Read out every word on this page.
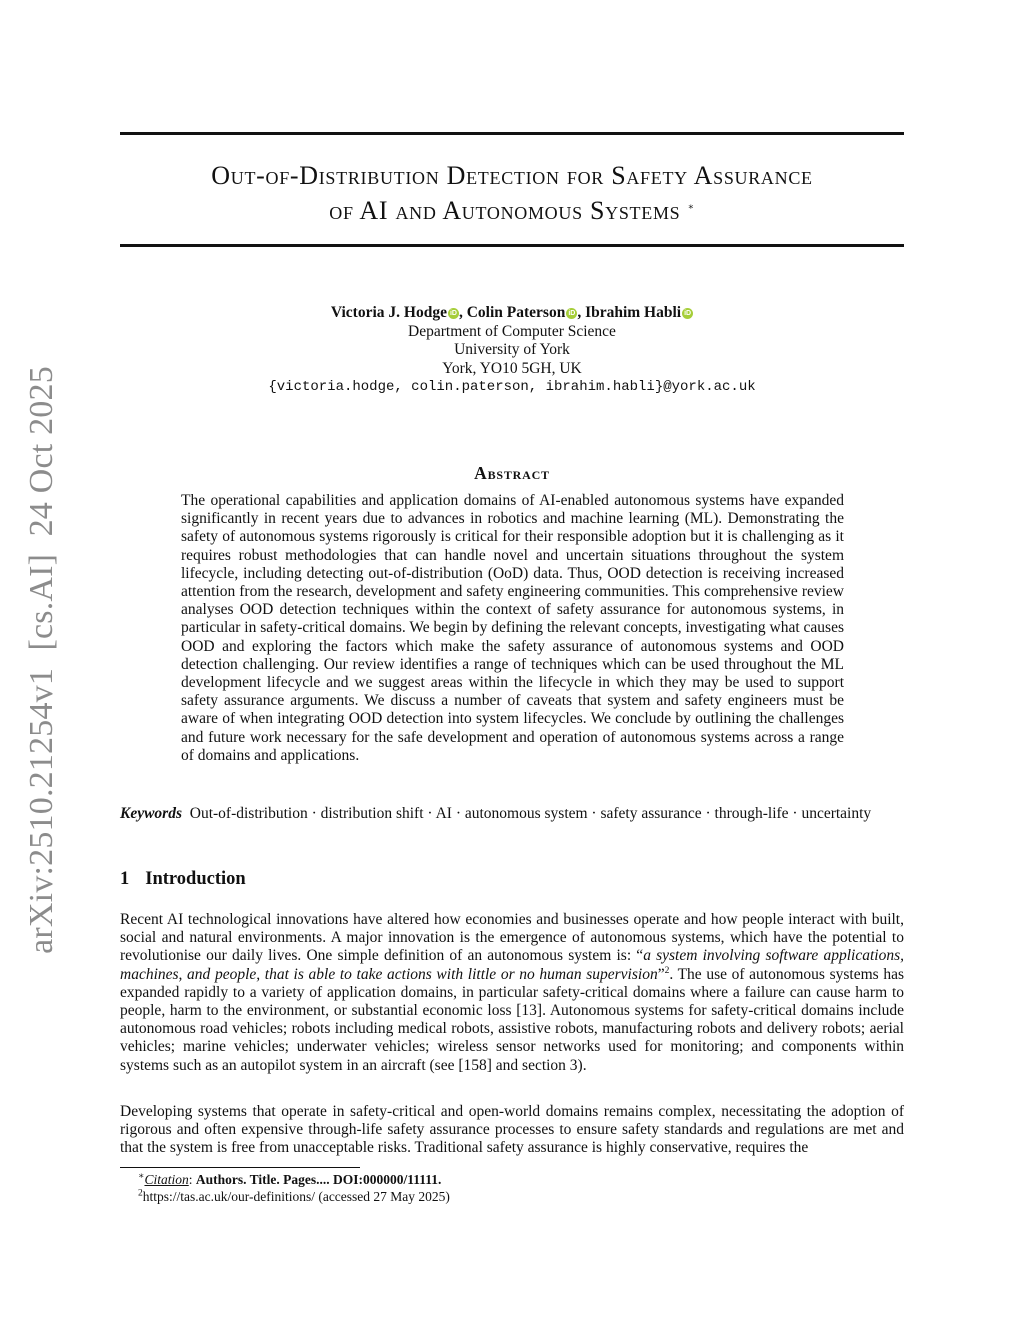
arXiv:2510.21254v1  [cs.AI]  24 Oct 2025
Out-of-Distribution Detection for Safety Assurance
of AI and Autonomous Systems ∗
Victoria J. Hodge iD , Colin Paterson iD , Ibrahim Habli iD
Department of Computer Science
University of York
York, YO10 5GH, UK
{victoria.hodge, colin.paterson, ibrahim.habli}@york.ac.uk
Abstract

The operational capabilities and application domains of AI-enabled autonomous systems have expanded significantly in recent years due to advances in robotics and machine learning (ML). Demonstrating the safety of autonomous systems rigorously is critical for their responsible adoption but it is challenging as it requires robust methodologies that can handle novel and uncertain situations throughout the system lifecycle, including detecting out-of-distribution (OoD) data. Thus, OOD detection is receiving increased attention from the research, development and safety engineering communities. This comprehensive review analyses OOD detection techniques within the context of safety assurance for autonomous systems, in particular in safety-critical domains. We begin by defining the relevant concepts, investigating what causes OOD and exploring the factors which make the safety assurance of autonomous systems and OOD detection challenging. Our review identifies a range of techniques which can be used throughout the ML development lifecycle and we suggest areas within the lifecycle in which they may be used to support safety assurance arguments. We discuss a number of caveats that system and safety engineers must be aware of when integrating OOD detection into system lifecycles. We conclude by outlining the challenges and future work necessary for the safe development and operation of autonomous systems across a range of domains and applications.

Keywords Out-of-distribution · distribution shift · AI · autonomous system · safety assurance · through-life · uncertainty

1 Introduction

Recent AI technological innovations have altered how economies and businesses operate and how people interact with built, social and natural environments. A major innovation is the emergence of autonomous systems, which have the potential to revolutionise our daily lives. One simple definition of an autonomous system is: “a system involving software applications, machines, and people, that is able to take actions with little or no human supervision”$^2$. The use of autonomous systems has expanded rapidly to a variety of application domains, in particular safety-critical domains where a failure can cause harm to people, harm to the environment, or substantial economic loss [13]. Autonomous systems for safety-critical domains include autonomous road vehicles; robots including medical robots, assistive robots, manufacturing robots and delivery robots; aerial vehicles; marine vehicles; underwater vehicles; wireless sensor networks used for monitoring; and components within systems such as an autopilot system in an aircraft (see [158] and section 3).

Developing systems that operate in safety-critical and open-world domains remains complex, necessitating the adoption of rigorous and often expensive through-life safety assurance processes to ensure safety standards and regulations are met and that the system is free from unacceptable risks. Traditional safety assurance is highly conservative, requires the

∗Citation: Authors. Title. Pages.... DOI:000000/11111.
$^2$https://tas.ac.uk/our-definitions/ (accessed 27 May 2025)
